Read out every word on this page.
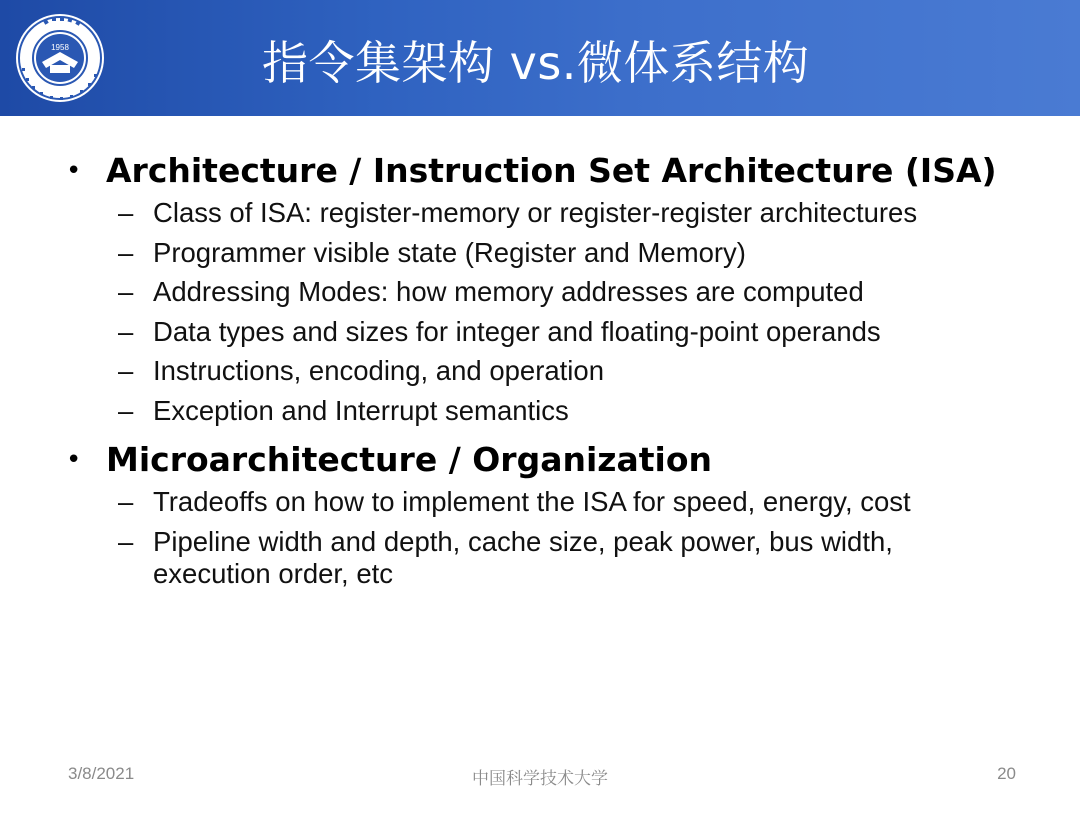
1958	指令集架构 vs.微体系结构

• Architecture / Instruction Set Architecture (ISA)

– Class of ISA: register-memory or register-register architectures

– Programmer visible state (Register and Memory)

– Addressing Modes: how memory addresses are computed

– Data types and sizes for integer and floating-point operands

– Instructions, encoding, and operation

– Exception and Interrupt semantics

• Microarchitecture / Organization

– Tradeoffs on how to implement the ISA for speed, energy, cost

– Pipeline width and depth, cache size, peak power, bus width, execution order, etc

3/8/2021	中国科学技术大学	20
